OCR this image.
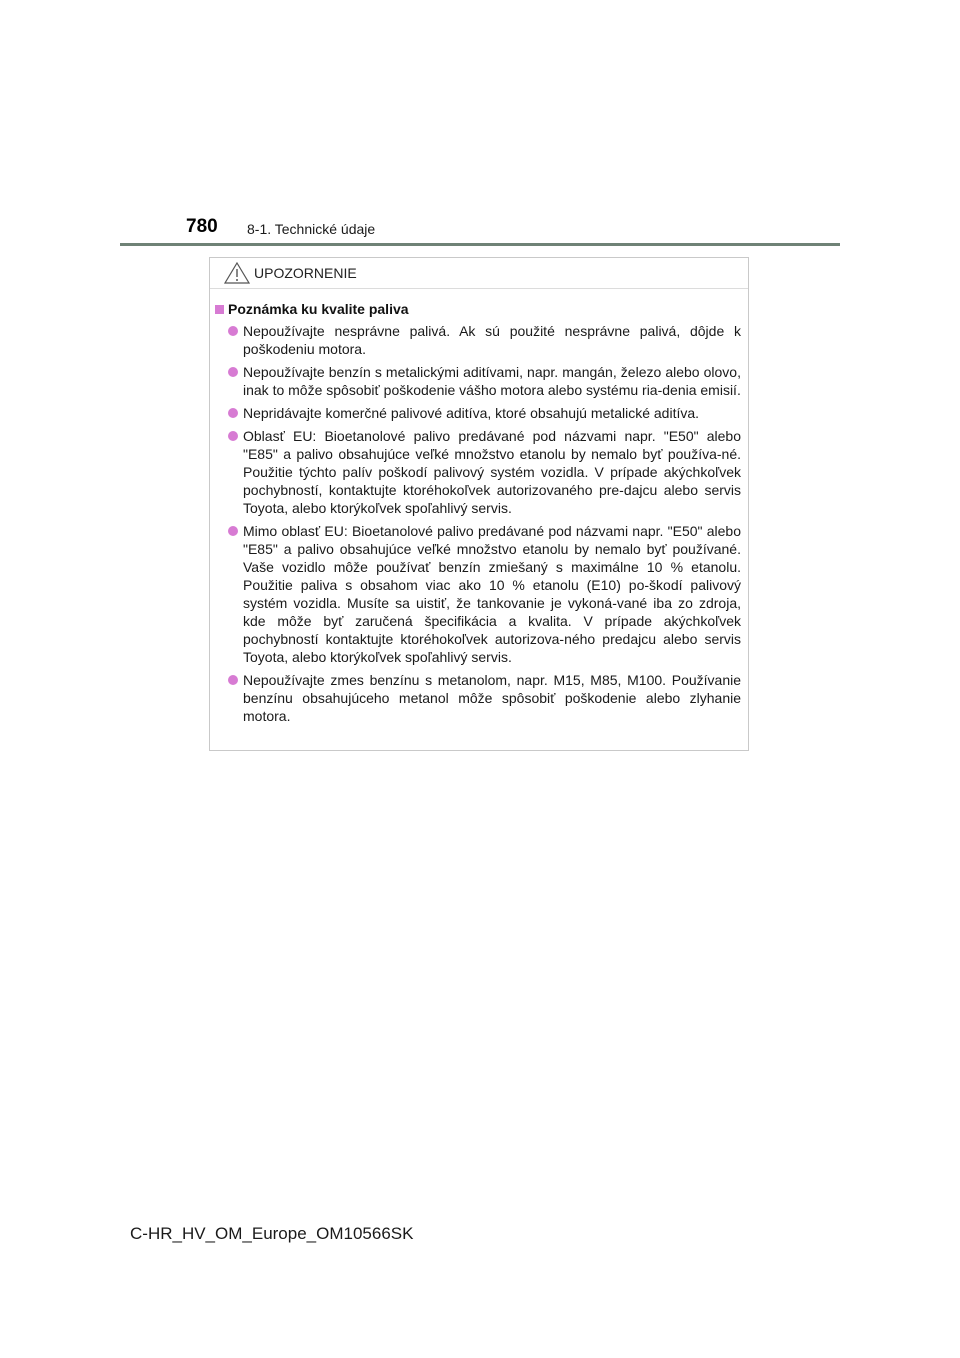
780 8-1. Technické údaje
UPOZORNENIE
Poznámka ku kvalite paliva
Nepoužívajte nesprávne palivá. Ak sú použité nesprávne palivá, dôjde k poškodeniu motora.
Nepoužívajte benzín s metalickými aditívami, napr. mangán, železo alebo olovo, inak to môže spôsobiť poškodenie vášho motora alebo systému ria-denia emisií.
Nepridávajte komerčné palivové aditíva, ktoré obsahujú metalické aditíva.
Oblasť EU: Bioetanolové palivo predávané pod názvami napr. "E50" alebo "E85" a palivo obsahujúce veľké množstvo etanolu by nemalo byť používa-né. Použitie týchto palív poškodí palivový systém vozidla. V prípade akýchkoľvek pochybností, kontaktujte ktoréhokoľvek autorizovaného pre-dajcu alebo servis Toyota, alebo ktorýkoľvek spoľahlivý servis.
Mimo oblasť EU: Bioetanolové palivo predávané pod názvami napr. "E50" alebo "E85" a palivo obsahujúce veľké množstvo etanolu by nemalo byť používané. Vaše vozidlo môže používať benzín zmiešaný s maximálne 10 % etanolu. Použitie paliva s obsahom viac ako 10 % etanolu (E10) po-škodí palivový systém vozidla. Musíte sa uistiť, že tankovanie je vykoná-vané iba zo zdroja, kde môže byť zaručená špecifikácia a kvalita. V prípade akýchkoľvek pochybností kontaktujte ktoréhokoľvek autorizova-ného predajcu alebo servis Toyota, alebo ktorýkoľvek spoľahlivý servis.
Nepoužívajte zmes benzínu s metanolom, napr. M15, M85, M100. Používanie benzínu obsahujúceho metanol môže spôsobiť poškodenie alebo zlyhanie motora.
C-HR_HV_OM_Europe_OM10566SK
